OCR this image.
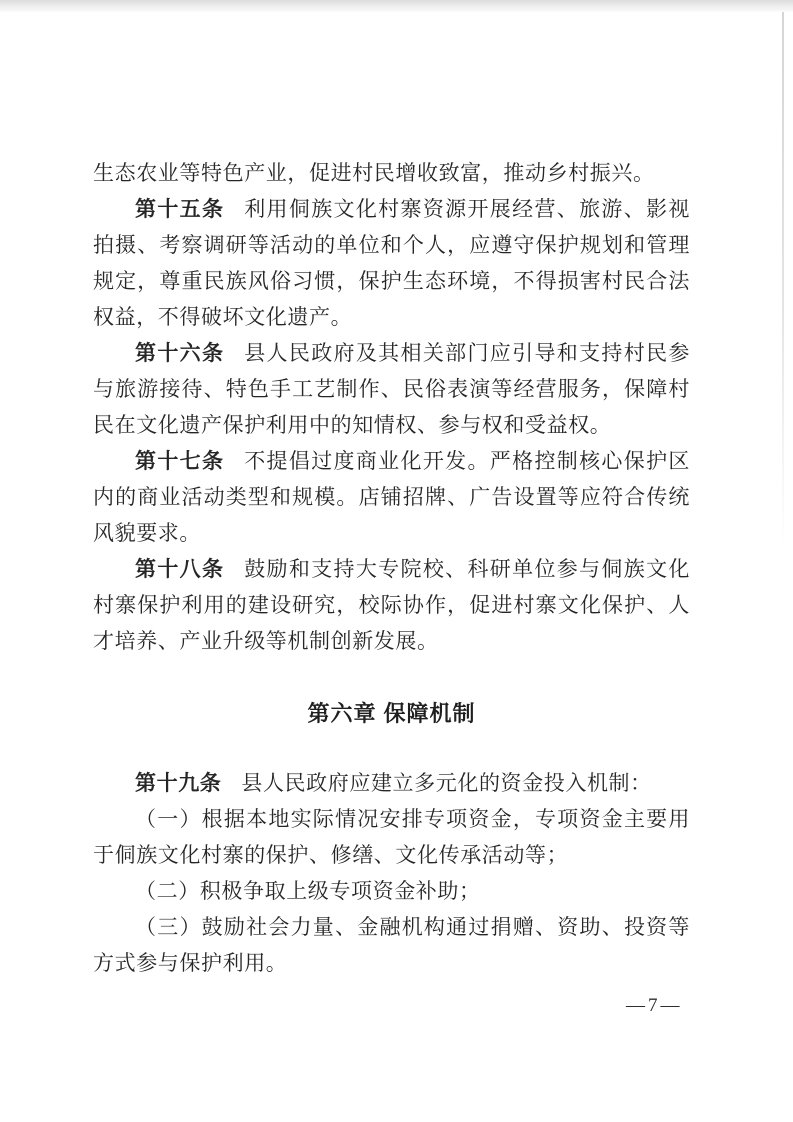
生态农业等特色产业，促进村民增收致富，推动乡村振兴。

第十五条 利用侗族文化村寨资源开展经营、旅游、影视拍摄、考察调研等活动的单位和个人，应遵守保护规划和管理规定，尊重民族风俗习惯，保护生态环境，不得损害村民合法权益，不得破坏文化遗产。

第十六条 县人民政府及其相关部门应引导和支持村民参与旅游接待、特色手工艺制作、民俗表演等经营服务，保障村民在文化遗产保护利用中的知情权、参与权和受益权。

第十七条 不提倡过度商业化开发。严格控制核心保护区内的商业活动类型和规模。店铺招牌、广告设置等应符合传统风貌要求。

第十八条 鼓励和支持大专院校、科研单位参与侗族文化村寨保护利用的建设研究，校际协作，促进村寨文化保护、人才培养、产业升级等机制创新发展。

第六章 保障机制

第十九条 县人民政府应建立多元化的资金投入机制：

（一）根据本地实际情况安排专项资金，专项资金主要用于侗族文化村寨的保护、修缮、文化传承活动等；

（二）积极争取上级专项资金补助；

（三）鼓励社会力量、金融机构通过捐赠、资助、投资等方式参与保护利用。

—7—
